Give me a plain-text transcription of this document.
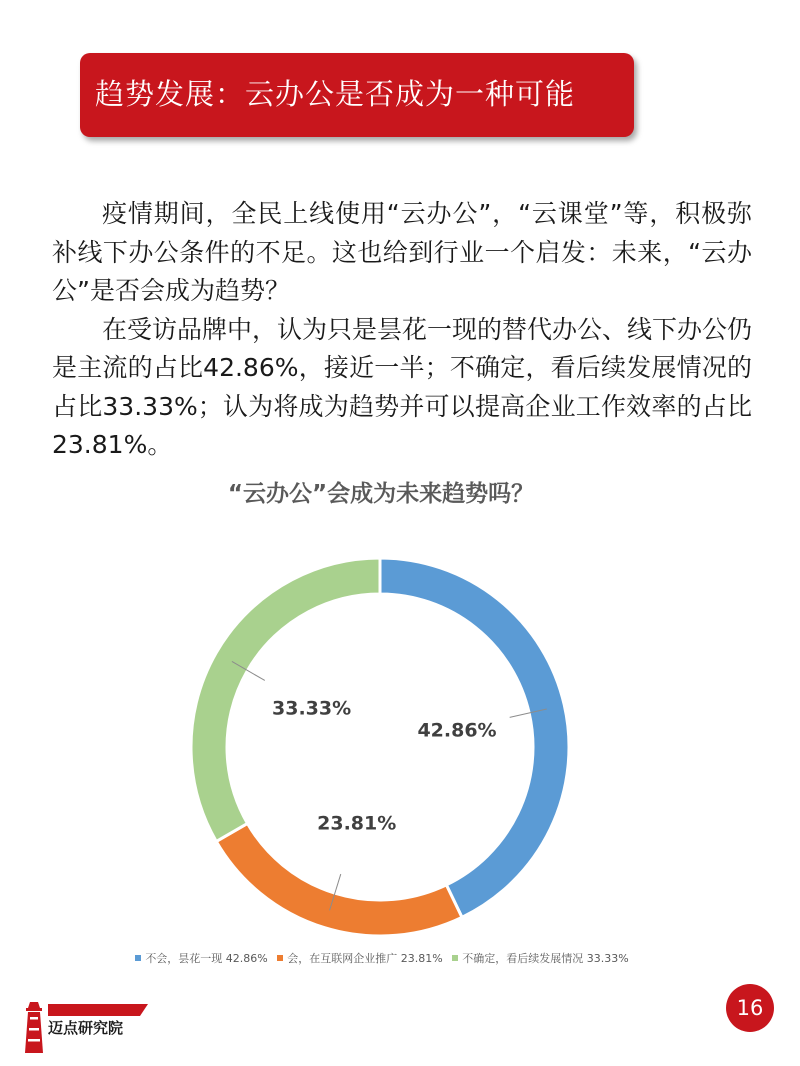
趋势发展：云办公是否成为一种可能

疫情期间，全民上线使用“云办公”，“云课堂”等，积极弥补线下办公条件的不足。这也给到行业一个启发：未来，“云办公”是否会成为趋势？

在受访品牌中，认为只是昙花一现的替代办公、线下办公仍是主流的占比42.86%，接近一半；不确定，看后续发展情况的占比33.33%；认为将成为趋势并可以提高企业工作效率的占比23.81%。

“云办公”会成为未来趋势吗？
42.86%
23.81%
33.33%
不会，昙花一现 42.86% 会，在互联网企业推广 23.81% 不确定，看后续发展情况 33.33%
迈点研究院
16
